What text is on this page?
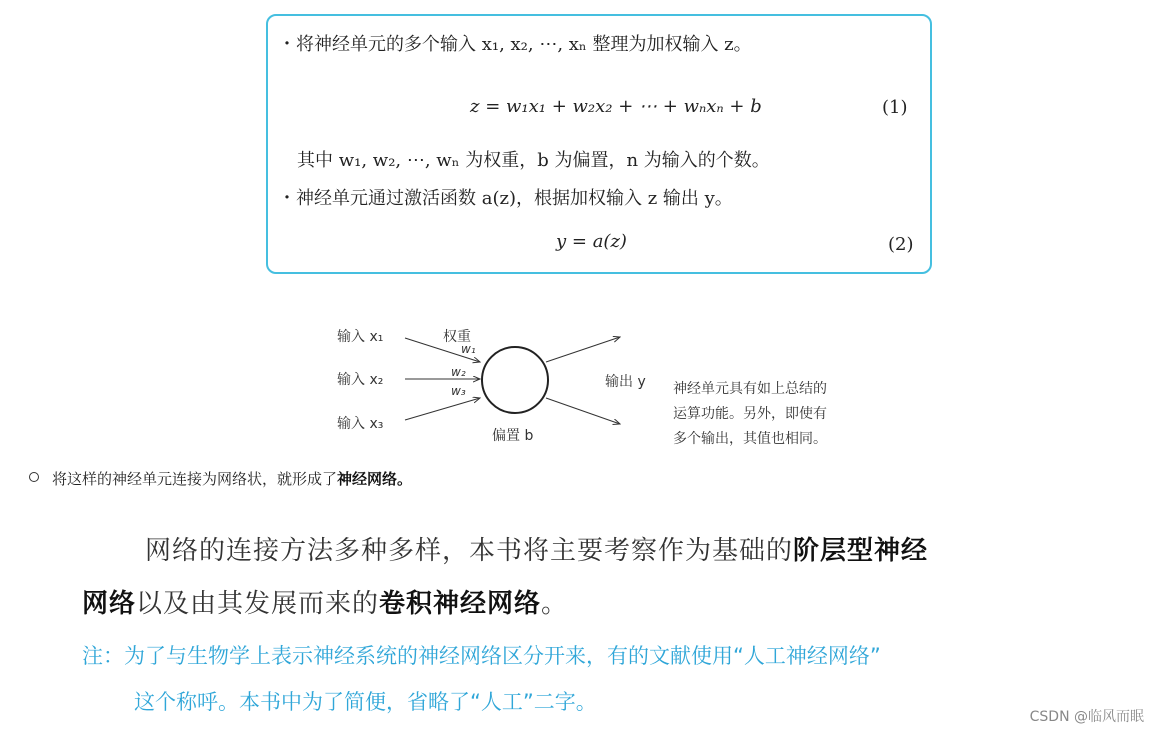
・将神经单元的多个输入 x₁, x₂, ⋯, xₙ 整理为加权输入 z。
z = w₁x₁ + w₂x₂ + ⋯ + wₙxₙ + b	(1)
其中 w₁, w₂, ⋯, wₙ 为权重，b 为偏置，n 为输入的个数。
・神经单元通过激活函数 a(z)，根据加权输入 z 输出 y。
y = a(z)	(2)
输入 x₁
输入 x₂
输入 x₃
权重
w₁
w₂
w₃
偏置 b
输出 y 神经单元具有如上总结的
运算功能。另外，即使有
多个输出，其值也相同。
将这样的神经单元连接为网络状，就形成了神经网络。
网络的连接方法多种多样，本书将主要考察作为基础的阶层型神经
网络以及由其发展而来的卷积神经网络。
注：为了与生物学上表示神经系统的神经网络区分开来，有的文献使用“人工神经网络”
这个称呼。本书中为了简便，省略了“人工”二字。
CSDN @临风而眠
